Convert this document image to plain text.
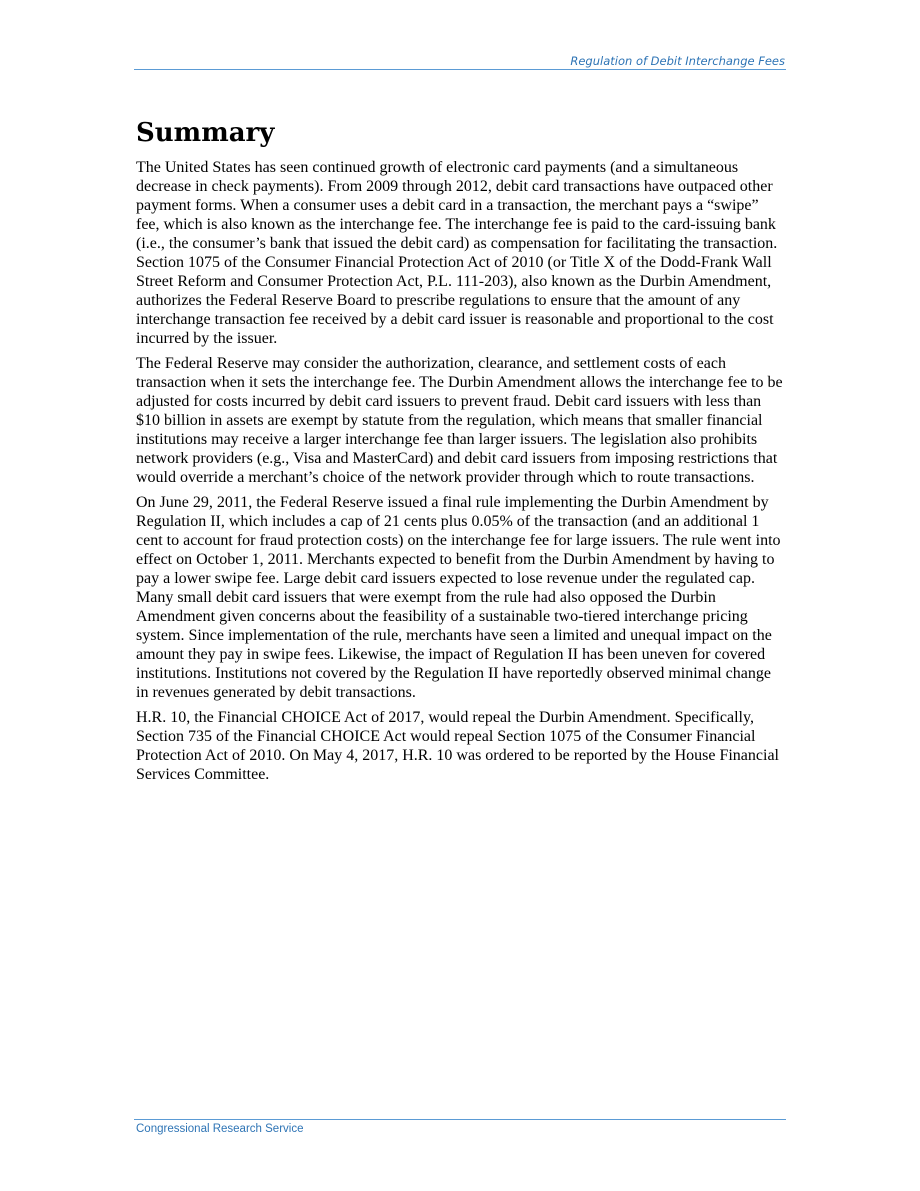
Regulation of Debit Interchange Fees
Summary

The United States has seen continued growth of electronic card payments (and a simultaneous decrease in check payments). From 2009 through 2012, debit card transactions have outpaced other payment forms. When a consumer uses a debit card in a transaction, the merchant pays a “swipe” fee, which is also known as the interchange fee. The interchange fee is paid to the card-issuing bank (i.e., the consumer’s bank that issued the debit card) as compensation for facilitating the transaction. Section 1075 of the Consumer Financial Protection Act of 2010 (or Title X of the Dodd-Frank Wall Street Reform and Consumer Protection Act, P.L. 111-203), also known as the Durbin Amendment, authorizes the Federal Reserve Board to prescribe regulations to ensure that the amount of any interchange transaction fee received by a debit card issuer is reasonable and proportional to the cost incurred by the issuer.

The Federal Reserve may consider the authorization, clearance, and settlement costs of each transaction when it sets the interchange fee. The Durbin Amendment allows the interchange fee to be adjusted for costs incurred by debit card issuers to prevent fraud. Debit card issuers with less than $10 billion in assets are exempt by statute from the regulation, which means that smaller financial institutions may receive a larger interchange fee than larger issuers. The legislation also prohibits network providers (e.g., Visa and MasterCard) and debit card issuers from imposing restrictions that would override a merchant’s choice of the network provider through which to route transactions.

On June 29, 2011, the Federal Reserve issued a final rule implementing the Durbin Amendment by Regulation II, which includes a cap of 21 cents plus 0.05% of the transaction (and an additional 1 cent to account for fraud protection costs) on the interchange fee for large issuers. The rule went into effect on October 1, 2011. Merchants expected to benefit from the Durbin Amendment by having to pay a lower swipe fee. Large debit card issuers expected to lose revenue under the regulated cap. Many small debit card issuers that were exempt from the rule had also opposed the Durbin Amendment given concerns about the feasibility of a sustainable two-tiered interchange pricing system. Since implementation of the rule, merchants have seen a limited and unequal impact on the amount they pay in swipe fees. Likewise, the impact of Regulation II has been uneven for covered institutions. Institutions not covered by the Regulation II have reportedly observed minimal change in revenues generated by debit transactions.

H.R. 10, the Financial CHOICE Act of 2017, would repeal the Durbin Amendment. Specifically, Section 735 of the Financial CHOICE Act would repeal Section 1075 of the Consumer Financial Protection Act of 2010. On May 4, 2017, H.R. 10 was ordered to be reported by the House Financial Services Committee.

Congressional Research Service
